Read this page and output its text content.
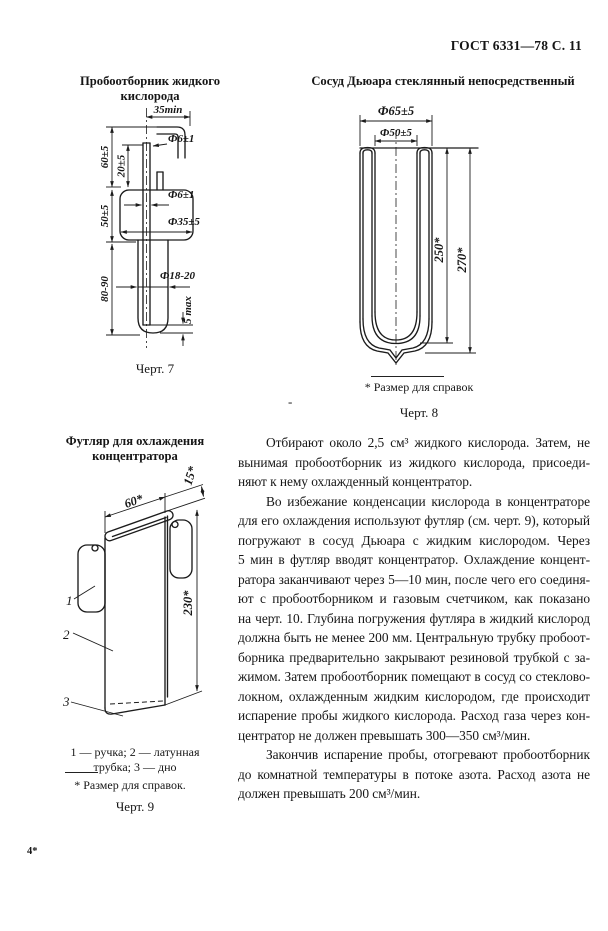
ГОСТ 6331—78 С. 11
Пробоотборник жидкого кислорода
Сосуд Дьюара стеклянный непосредственный
35min
60±5 20±5
Ф6±1
Ф6±1
Ф35±5
50±5
Ф18-20
80-90
5 max
Черт. 7
Ф65±5
Ф50±5
250* 270*
* Размер для справок
Черт. 8
-
Футляр для охлаждения
концентратора
60*
15*
230*
1
2
3
1 — ручка; 2 — латунная
трубка; 3 — дно
* Размер для справок.
Черт. 9
Отбирают около 2,5 см³ жидкого кислорода. Затем, не
вынимая пробоотборник из жидкого кислорода, присоеди-
няют к нему охлажденный концентратор.
Во избежание конденсации кислорода в концентраторе
для его охлаждения используют футляр (см. черт. 9), который
погружают в сосуд Дьюара с жидким кислородом. Через
5 мин в футляр вводят концентратор. Охлаждение концент-
ратора заканчивают через 5—10 мин, после чего его соединя-
ют с пробоотборником и газовым счетчиком, как показано
на черт. 10. Глубина погружения футляра в жидкий кислород
должна быть не менее 200 мм. Центральную трубку пробоот-
борника предварительно закрывают резиновой трубкой с за-
жимом. Затем пробоотборник помещают в сосуд со стеклово-
локном, охлажденным жидким кислородом, где происходит
испарение пробы жидкого кислорода. Расход газа через кон-
центратор не должен превышать 300—350 см³/мин.
Закончив испарение пробы, отогревают пробоотборник
до комнатной температуры в потоке азота. Расход азота не
должен превышать 200 см³/мин.
4*
